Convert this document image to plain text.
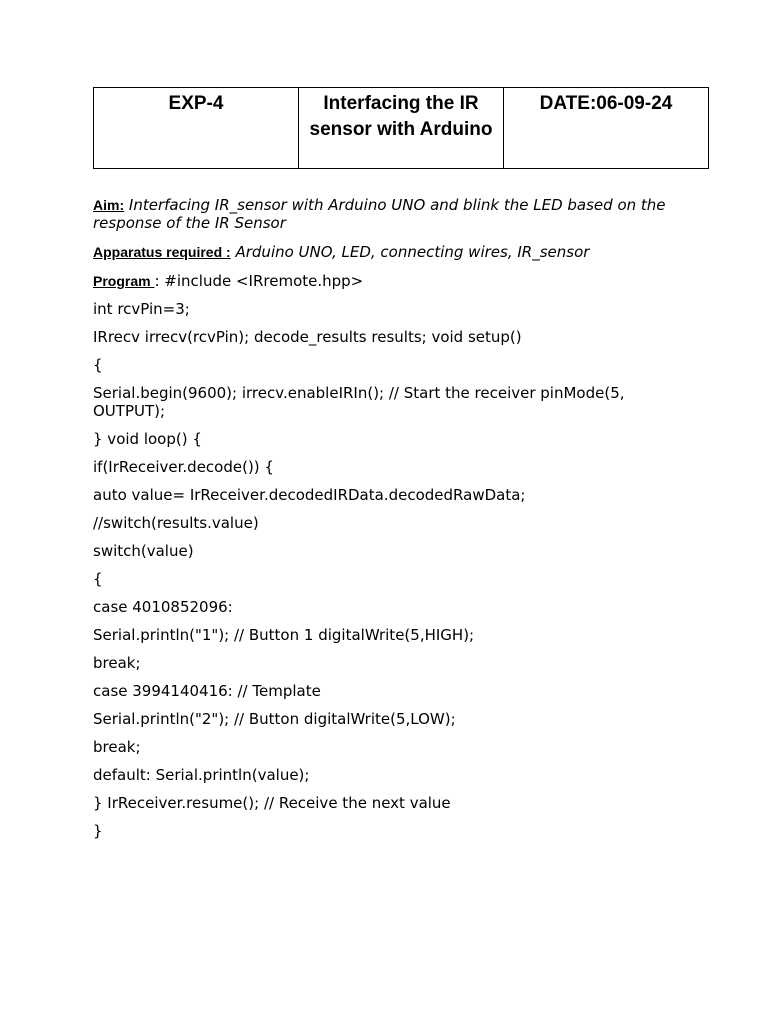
EXP-4	Interfacing the IR sensor with Arduino	DATE:06-09-24

Aim: Interfacing IR_sensor with Arduino UNO and blink the LED based on the response of the IR Sensor

Apparatus required : Arduino UNO, LED, connecting wires, IR_sensor

Program : #include <IRremote.hpp>

int rcvPin=3;

IRrecv irrecv(rcvPin); decode_results results; void setup()

{

Serial.begin(9600); irrecv.enableIRIn(); // Start the receiver pinMode(5, OUTPUT);

} void loop() {

if(IrReceiver.decode()) {

auto value= IrReceiver.decodedIRData.decodedRawData;

//switch(results.value)

switch(value)

{

case 4010852096:

Serial.println("1"); // Button 1 digitalWrite(5,HIGH);

break;

case 3994140416: // Template

Serial.println("2"); // Button digitalWrite(5,LOW);

break;

default: Serial.println(value);

} IrReceiver.resume(); // Receive the next value

}
